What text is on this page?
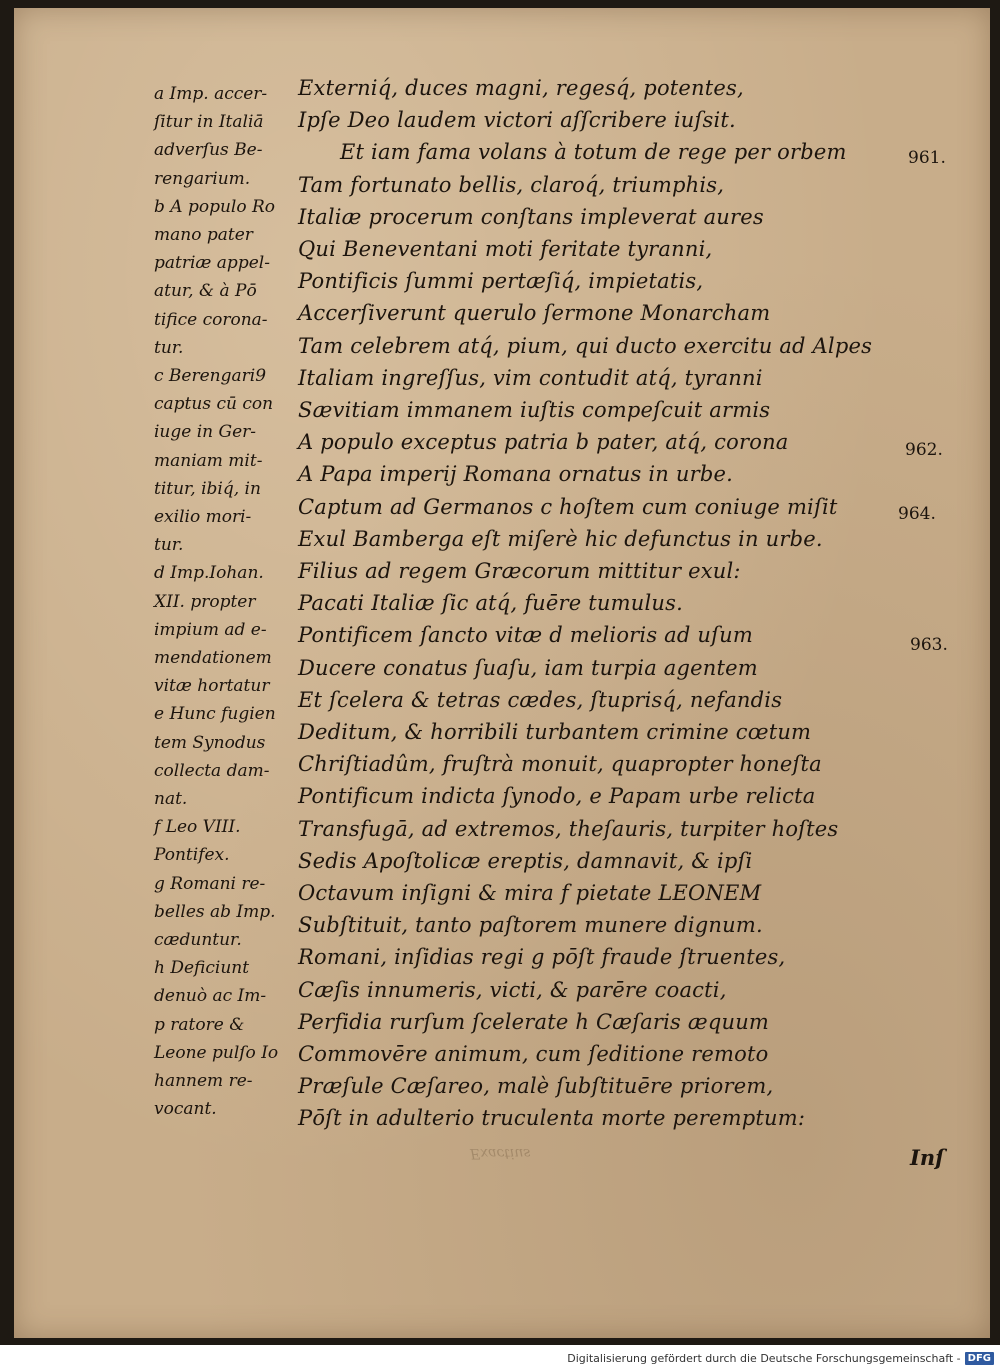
a Imp. accer-
ſitur in Italiā
adverſus Be-
rengarium.
b A populo Ro
mano pater
patriæ appel-
atur, & à Pō
tifice corona-
tur.
c Berengari9
captus cū con
iuge in Ger-
maniam mit-
titur, ibiq́, in
exilio mori-
tur.
d Imp.Iohan.
XII. propter
impium ad e-
mendationem
vitæ hortatur
e Hunc fugien
tem Synodus
collecta dam-
nat.
f Leo VIII.
Pontifex.
g Romani re-
belles ab Imp.
cæduntur.
h Deficiunt
denuò ac Im-
p ratore &
Leone pulſo Io
hannem re-
vocant.
Externiq́, duces magni, regesq́, potentes,
Ipſe Deo laudem victori aſſcribere iuſsit.
Et iam fama volans à totum de rege per orbem
Tam fortunato bellis, claroq́, triumphis,
Italiæ procerum conſtans impleverat aures
Qui Beneventani moti feritate tyranni,
Pontificis ſummi pertæſiq́, impietatis,
Accerſiverunt querulo ſermone Monarcham
Tam celebrem atq́, pium, qui ducto exercitu ad Alpes
Italiam ingreſſus, vim contudit atq́, tyranni
Sævitiam immanem iuſtis compeſcuit armis
A populo exceptus patria b pater, atq́, corona
A Papa imperij Romana ornatus in urbe.
Captum ad Germanos c hoſtem cum coniuge miſit
Exul Bamberga eſt miſerè hic defunctus in urbe.
Filius ad regem Græcorum mittitur exul:
Pacati Italiæ ſic atq́, fuēre tumulus.
Pontificem ſancto vitæ d melioris ad uſum
Ducere conatus ſuaſu, iam turpia agentem
Et ſcelera & tetras cædes, ſtuprisq́, nefandis
Deditum, & horribili turbantem crimine cœtum
Chriſtiadûm, fruſtrà monuit, quapropter honeſta
Pontificum indicta ſynodo, e Papam urbe relicta
Transfugā, ad extremos, theſauris, turpiter hoſtes
Sedis Apoſtolicæ ereptis, damnavit, & ipſi
Octavum inſigni & mira f pietate LEONEM
Subſtituit, tanto paſtorem munere dignum.
Romani, inſidias regi g pōſt fraude ſtruentes,
Cæſis innumeris, victi, & parēre coacti,
Perfidia rurſum ſcelerate h Cæſaris æquum
Commovēre animum, cum ſeditione remoto
Præſule Cæſareo, malè ſubſtituēre priorem,
Pōſt in adulterio truculenta morte peremptum:
961.
962.
964.
963.
Exactius	Inſ
Digitalisierung gefördert durch die Deutsche Forschungsgemeinschaft - DFG
